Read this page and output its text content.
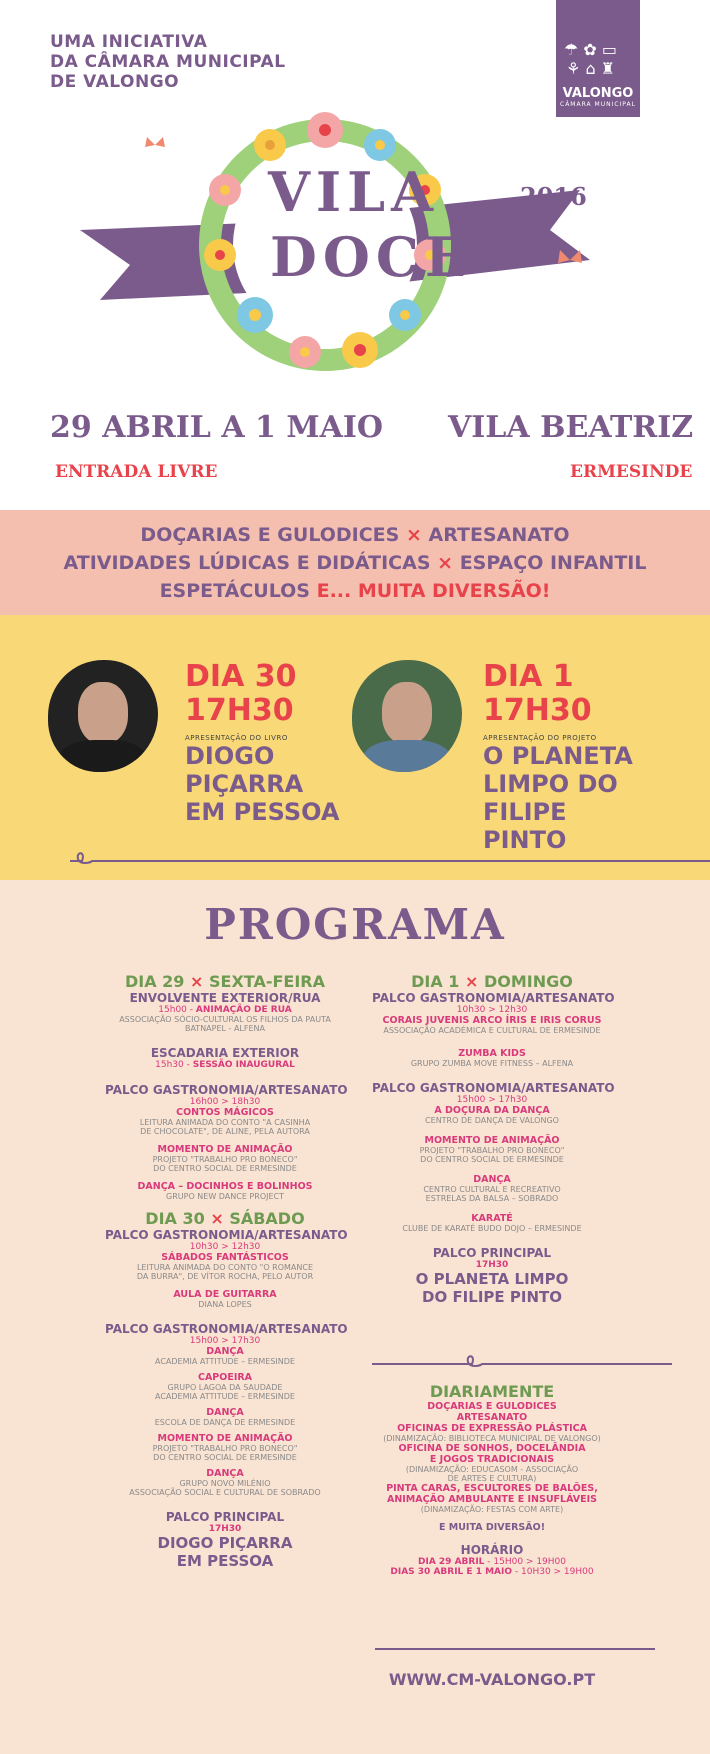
UMA INICIATIVA
DA CÂMARA MUNICIPAL
DE VALONGO
☂ ✿ ▭
⚘ ⌂ ♜
VALONGO
CÂMARA MUNICIPAL
VILA
DOCE
2016
29 ABRIL A 1 MAIO
ENTRADA LIVRE
VILA BEATRIZ
ERMESINDE
DOÇARIAS E GULODICES × ARTESANATO
ATIVIDADES LÚDICAS E DIDÁTICAS × ESPAÇO INFANTIL
ESPETÁCULOS E... MUITA DIVERSÃO!
DIA 30
17H30
APRESENTAÇÃO DO LIVRO
DIOGO
PIÇARRA
EM PESSOA
DIA 1
17H30
APRESENTAÇÃO DO PROJETO
O PLANETA
LIMPO DO
FILIPE
PINTO
PROGRAMA
DIA 29 × SEXTA-FEIRA
ENVOLVENTE EXTERIOR/RUA
15h00 - ANIMAÇÃO DE RUA
ASSOCIAÇÃO SÓCIO-CULTURAL OS FILHOS DA PAUTA
BATNAPEL - ALFENA
ESCADARIA EXTERIOR
15h30 - SESSÃO INAUGURAL
PALCO GASTRONOMIA/ARTESANATO
16h00 > 18h30
CONTOS MÁGICOS
LEITURA ANIMADA DO CONTO "A CASINHA
DE CHOCOLATE", DE ALINE, PELA AUTORA
MOMENTO DE ANIMAÇÃO
PROJETO "TRABALHO PRO BONECO"
DO CENTRO SOCIAL DE ERMESINDE
DANÇA – DOCINHOS E BOLINHOS
GRUPO NEW DANCE PROJECT
DIA 30 × SÁBADO
PALCO GASTRONOMIA/ARTESANATO
10h30 > 12h30
SÁBADOS FANTÁSTICOS
LEITURA ANIMADA DO CONTO "O ROMANCE
DA BURRA", DE VÍTOR ROCHA, PELO AUTOR
AULA DE GUITARRA
DIANA LOPES
PALCO GASTRONOMIA/ARTESANATO
15h00 > 17h30
DANÇA
ACADEMIA ATTITUDE – ERMESINDE
CAPOEIRA
GRUPO LAGOA DA SAUDADE
ACADEMIA ATTITUDE – ERMESINDE
DANÇA
ESCOLA DE DANÇA DE ERMESINDE
MOMENTO DE ANIMAÇÃO
PROJETO "TRABALHO PRO BONECO"
DO CENTRO SOCIAL DE ERMESINDE
DANÇA
GRUPO NOVO MILÉNIO
ASSOCIAÇÃO SOCIAL E CULTURAL DE SOBRADO
PALCO PRINCIPAL
17H30
DIOGO PIÇARRA
EM PESSOA
DIA 1 × DOMINGO
PALCO GASTRONOMIA/ARTESANATO
10h30 > 12h30
CORAIS JUVENIS ARCO ÍRIS E IRIS CORUS
ASSOCIAÇÃO ACADÉMICA E CULTURAL DE ERMESINDE
ZUMBA KIDS
GRUPO ZUMBA MOVE FITNESS – ALFENA
PALCO GASTRONOMIA/ARTESANATO
15h00 > 17h30
A DOÇURA DA DANÇA
CENTRO DE DANÇA DE VALONGO
MOMENTO DE ANIMAÇÃO
PROJETO "TRABALHO PRO BONECO"
DO CENTRO SOCIAL DE ERMESINDE
DANÇA
CENTRO CULTURAL E RECREATIVO
ESTRELAS DA BALSA – SOBRADO
KARATÉ
CLUBE DE KARATÉ BUDO DOJO – ERMESINDE
PALCO PRINCIPAL
17H30
O PLANETA LIMPO
DO FILIPE PINTO
DIARIAMENTE
DOÇARIAS E GULODICES
ARTESANATO
OFICINAS DE EXPRESSÃO PLÁSTICA
(DINAMIZAÇÃO: BIBLIOTECA MUNICIPAL DE VALONGO)
OFICINA DE SONHOS, DOCELÂNDIA
E JOGOS TRADICIONAIS
(DINAMIZAÇÃO: EDUCASOM - ASSOCIAÇÃO
DE ARTES E CULTURA)
PINTA CARAS, ESCULTORES DE BALÕES,
ANIMAÇÃO AMBULANTE E INSUFLÁVEIS
(DINAMIZAÇÃO: FESTAS COM ARTE)
E MUITA DIVERSÃO!
HORÁRIO
DIA 29 ABRIL - 15H00 > 19H00
DIAS 30 ABRIL E 1 MAIO - 10H30 > 19H00
WWW.CM-VALONGO.PT
